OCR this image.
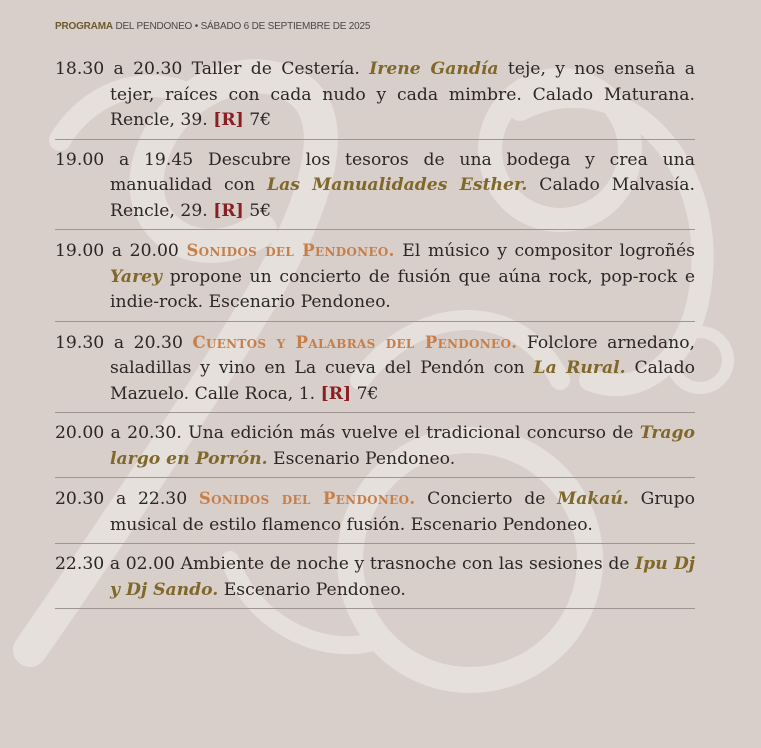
PROGRAMA DEL PENDONEO • SÁBADO 6 DE SEPTIEMBRE DE 2025
18.30 a 20.30 Taller de Cestería. Irene Gandía teje, y nos enseña a tejer, raíces con cada nudo y cada mimbre. Calado Maturana. Rencle, 39. [R] 7€
19.00 a 19.45 Descubre los tesoros de una bodega y crea una manualidad con Las Manualidades Esther. Calado Malvasía. Rencle, 29. [R] 5€
19.00 a 20.00 Sonidos del Pendoneo. El músico y compositor logroñés Yarey propone un concierto de fusión que aúna rock, pop-rock e indie-rock. Escenario Pendoneo.
19.30 a 20.30 Cuentos y Palabras del Pendoneo. Folclore arnedano, saladillas y vino en La cueva del Pendón con La Rural. Calado Mazuelo. Calle Roca, 1. [R] 7€
20.00 a 20.30. Una edición más vuelve el tradicional concurso de Trago largo en Porrón. Escenario Pendoneo.
20.30 a 22.30 Sonidos del Pendoneo. Concierto de Makaú. Grupo musical de estilo flamenco fusión. Escenario Pendoneo.
22.30 a 02.00 Ambiente de noche y trasnoche con las sesiones de Ipu Dj y Dj Sando. Escenario Pendoneo.
